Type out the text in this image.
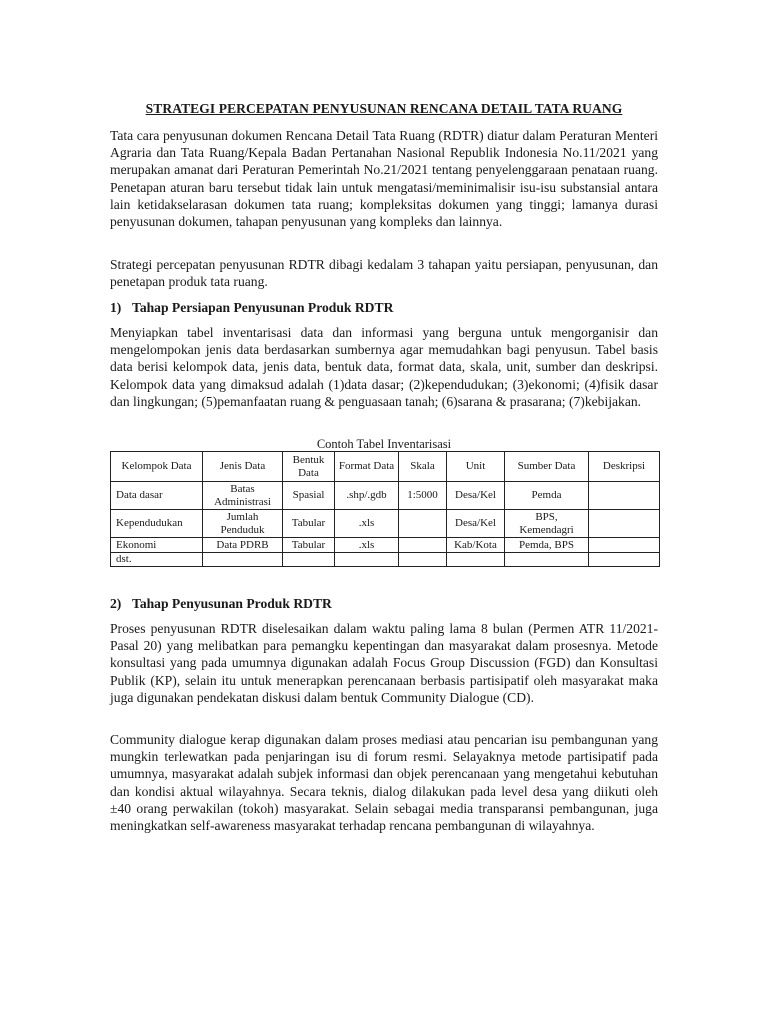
STRATEGI PERCEPATAN PENYUSUNAN RENCANA DETAIL TATA RUANG

Tata cara penyusunan dokumen Rencana Detail Tata Ruang (RDTR) diatur dalam Peraturan Menteri Agraria dan Tata Ruang/Kepala Badan Pertanahan Nasional Republik Indonesia No.11/2021 yang merupakan amanat dari Peraturan Pemerintah No.21/2021 tentang penyelenggaraan penataan ruang. Penetapan aturan baru tersebut tidak lain untuk mengatasi/meminimalisir isu-isu substansial antara lain ketidakselarasan dokumen tata ruang; kompleksitas dokumen yang tinggi; lamanya durasi penyusunan dokumen, tahapan penyusunan yang kompleks dan lainnya.

Strategi percepatan penyusunan RDTR dibagi kedalam 3 tahapan yaitu persiapan, penyusunan, dan penetapan produk tata ruang.

1) Tahap Persiapan Penyusunan Produk RDTR

Menyiapkan tabel inventarisasi data dan informasi yang berguna untuk mengorganisir dan mengelompokan jenis data berdasarkan sumbernya agar memudahkan bagi penyusun. Tabel basis data berisi kelompok data, jenis data, bentuk data, format data, skala, unit, sumber dan deskripsi. Kelompok data yang dimaksud adalah (1)data dasar; (2)kependudukan; (3)ekonomi; (4)fisik dasar dan lingkungan; (5)pemanfaatan ruang & penguasaan tanah; (6)sarana & prasarana; (7)kebijakan.

Contoh Tabel Inventarisasi

Kelompok Data	Jenis Data	Bentuk Data	Format Data	Skala	Unit	Sumber Data	Deskripsi
Data dasar	Batas Administrasi	Spasial	.shp/.gdb	1:5000	Desa/Kel	Pemda	
Kependudukan	Jumlah Penduduk	Tabular	.xls		Desa/Kel	BPS, Kemendagri	
Ekonomi	Data PDRB	Tabular	.xls		Kab/Kota	Pemda, BPS	
dst.							
2) Tahap Penyusunan Produk RDTR

Proses penyusunan RDTR diselesaikan dalam waktu paling lama 8 bulan (Permen ATR 11/2021-Pasal 20) yang melibatkan para pemangku kepentingan dan masyarakat dalam prosesnya. Metode konsultasi yang pada umumnya digunakan adalah Focus Group Discussion (FGD) dan Konsultasi Publik (KP), selain itu untuk menerapkan perencanaan berbasis partisipatif oleh masyarakat maka juga digunakan pendekatan diskusi dalam bentuk Community Dialogue (CD).

Community dialogue kerap digunakan dalam proses mediasi atau pencarian isu pembangunan yang mungkin terlewatkan pada penjaringan isu di forum resmi. Selayaknya metode partisipatif pada umumnya, masyarakat adalah subjek informasi dan objek perencanaan yang mengetahui kebutuhan dan kondisi aktual wilayahnya. Secara teknis, dialog dilakukan pada level desa yang diikuti oleh ±40 orang perwakilan (tokoh) masyarakat. Selain sebagai media transparansi pembangunan, juga meningkatkan self-awareness masyarakat terhadap rencana pembangunan di wilayahnya.
